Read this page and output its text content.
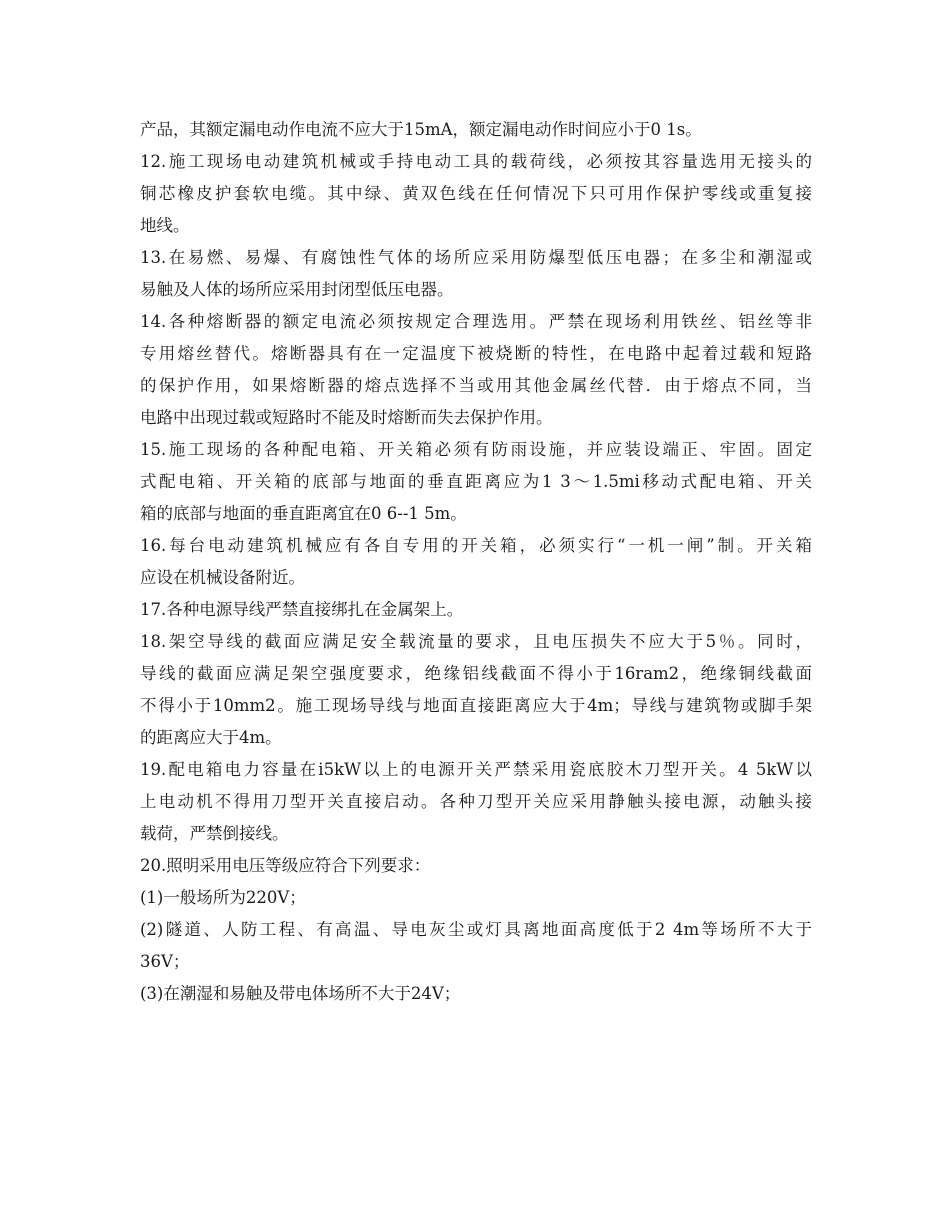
产品，其额定漏电动作电流不应大于15mA，额定漏电动作时间应小于0 1s。
12.施工现场电动建筑机械或手持电动工具的载荷线，必须按其容量选用无接头的
铜芯橡皮护套软电缆。其中绿、黄双色线在任何情况下只可用作保护零线或重复接
地线。
13.在易燃、易爆、有腐蚀性气体的场所应采用防爆型低压电器；在多尘和潮湿或
易触及人体的场所应采用封闭型低压电器。
14.各种熔断器的额定电流必须按规定合理选用。严禁在现场利用铁丝、铝丝等非
专用熔丝替代。熔断器具有在一定温度下被烧断的特性，在电路中起着过载和短路
的保护作用，如果熔断器的熔点选择不当或用其他金属丝代替．由于熔点不同，当
电路中出现过载或短路时不能及时熔断而失去保护作用。
15.施工现场的各种配电箱、开关箱必须有防雨设施，并应装设端正、牢固。固定
式配电箱、开关箱的底部与地面的垂直距离应为1 3～1.5mi移动式配电箱、开关
箱的底部与地面的垂直距离宜在0 6--1 5m。
16.每台电动建筑机械应有各自专用的开关箱，必须实行“一机一闸”制。开关箱
应设在机械设备附近。
17.各种电源导线严禁直接绑扎在金属架上。
18.架空导线的截面应满足安全载流量的要求，且电压损失不应大于5％。同时，
导线的截面应满足架空强度要求，绝缘铝线截面不得小于16ram2，绝缘铜线截面
不得小于10mm2。施工现场导线与地面直接距离应大于4m；导线与建筑物或脚手架
的距离应大于4m。
19.配电箱电力容量在i5kW以上的电源开关严禁采用瓷底胶木刀型开关。4 5kW以
上电动机不得用刀型开关直接启动。各种刀型开关应采用静触头接电源，动触头接
载荷，严禁倒接线。
20.照明采用电压等级应符合下列要求：
(1)一般场所为220V；
(2)隧道、人防工程、有高温、导电灰尘或灯具离地面高度低于2 4m等场所不大于
36V；
(3)在潮湿和易触及带电体场所不大于24V；
